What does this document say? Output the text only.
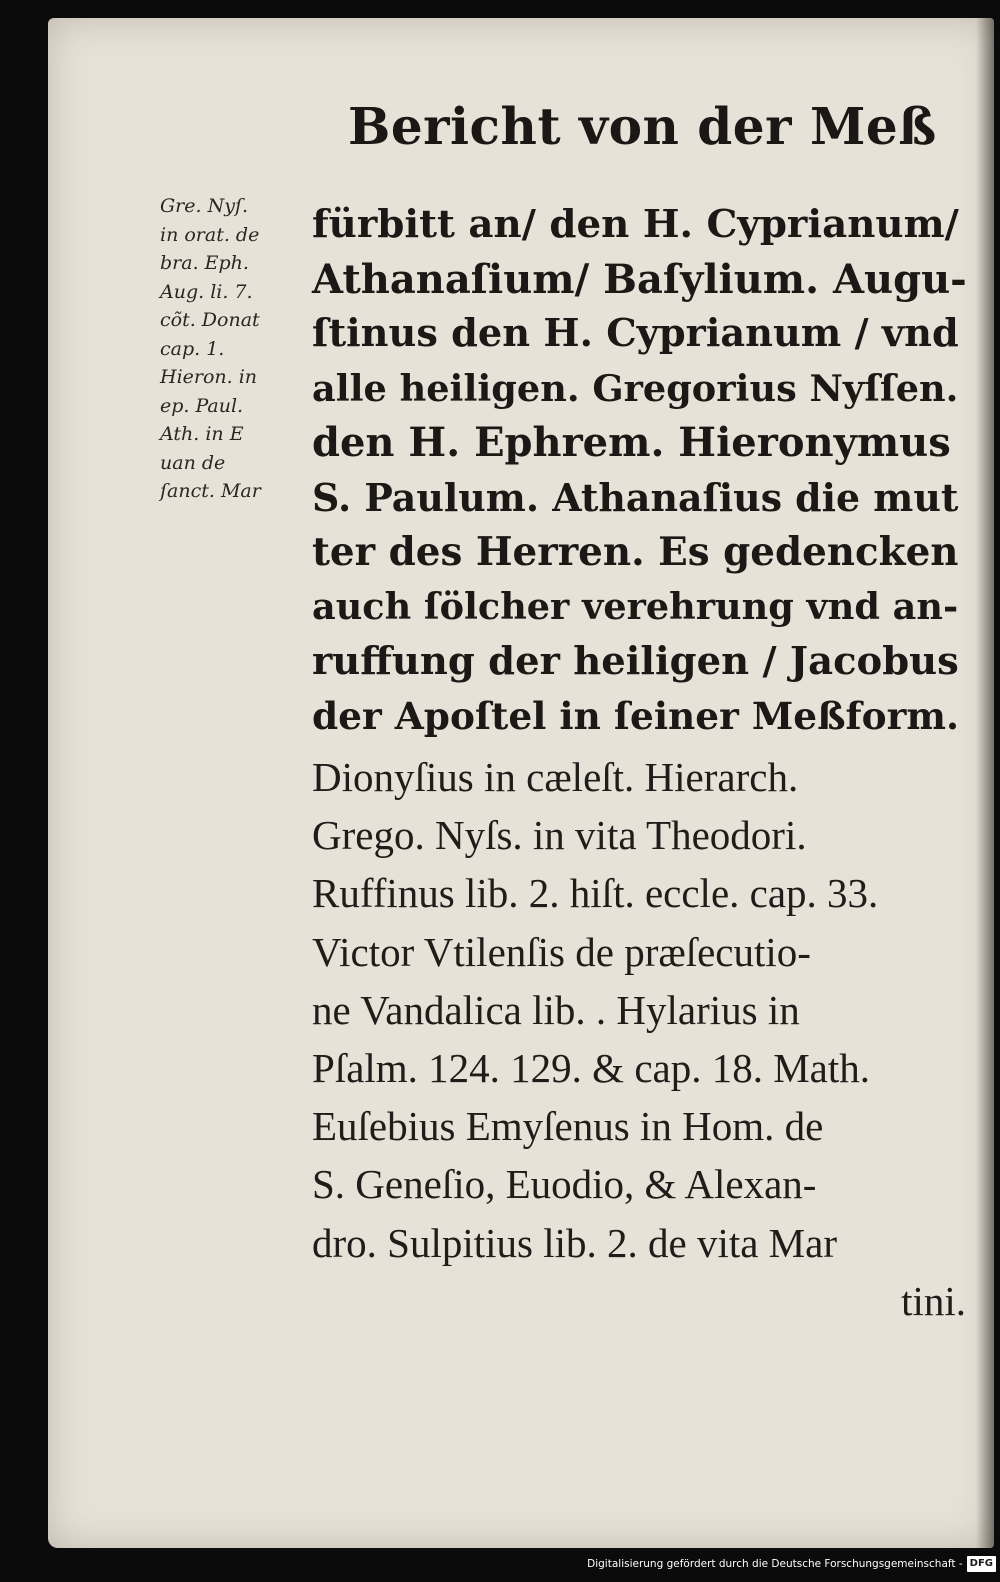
Bericht von der Meß
Gre. Nyſ.
in orat. de
bra. Eph.
Aug. li. 7.
cõt. Donat
cap. 1.
Hieron. in
ep. Paul.
Ath. in E
uan de
ſanct. Mar
fürbitt an/ den H. Cyprianum/
Athanaſium/ Baſylium. Augu-
ſtinus den H. Cyprianum / vnd
alle heiligen. Gregorius Nyſſen.
den H. Ephrem. Hieronymus
S. Paulum. Athanaſius die mut
ter des Herren. Es gedencken
auch ſölcher verehrung vnd an-
ruffung der heiligen / Jacobus
der Apoſtel in ſeiner Meßform.
Dionyſius in cæleſt. Hierarch.
Grego. Nyſs. in vita Theodori.
Ruffinus lib. 2. hiſt. eccle. cap. 33.
Victor Vtilenſis de præſecutio-
ne Vandalica lib. . Hylarius in
Pſalm. 124. 129. & cap. 18. Math.
Euſebius Emyſenus in Hom. de
S. Geneſio, Euodio, & Alexan-
dro. Sulpitius lib. 2. de vita Mar
tini.
Digitalisierung gefördert durch die Deutsche Forschungsgemeinschaft - DFG
